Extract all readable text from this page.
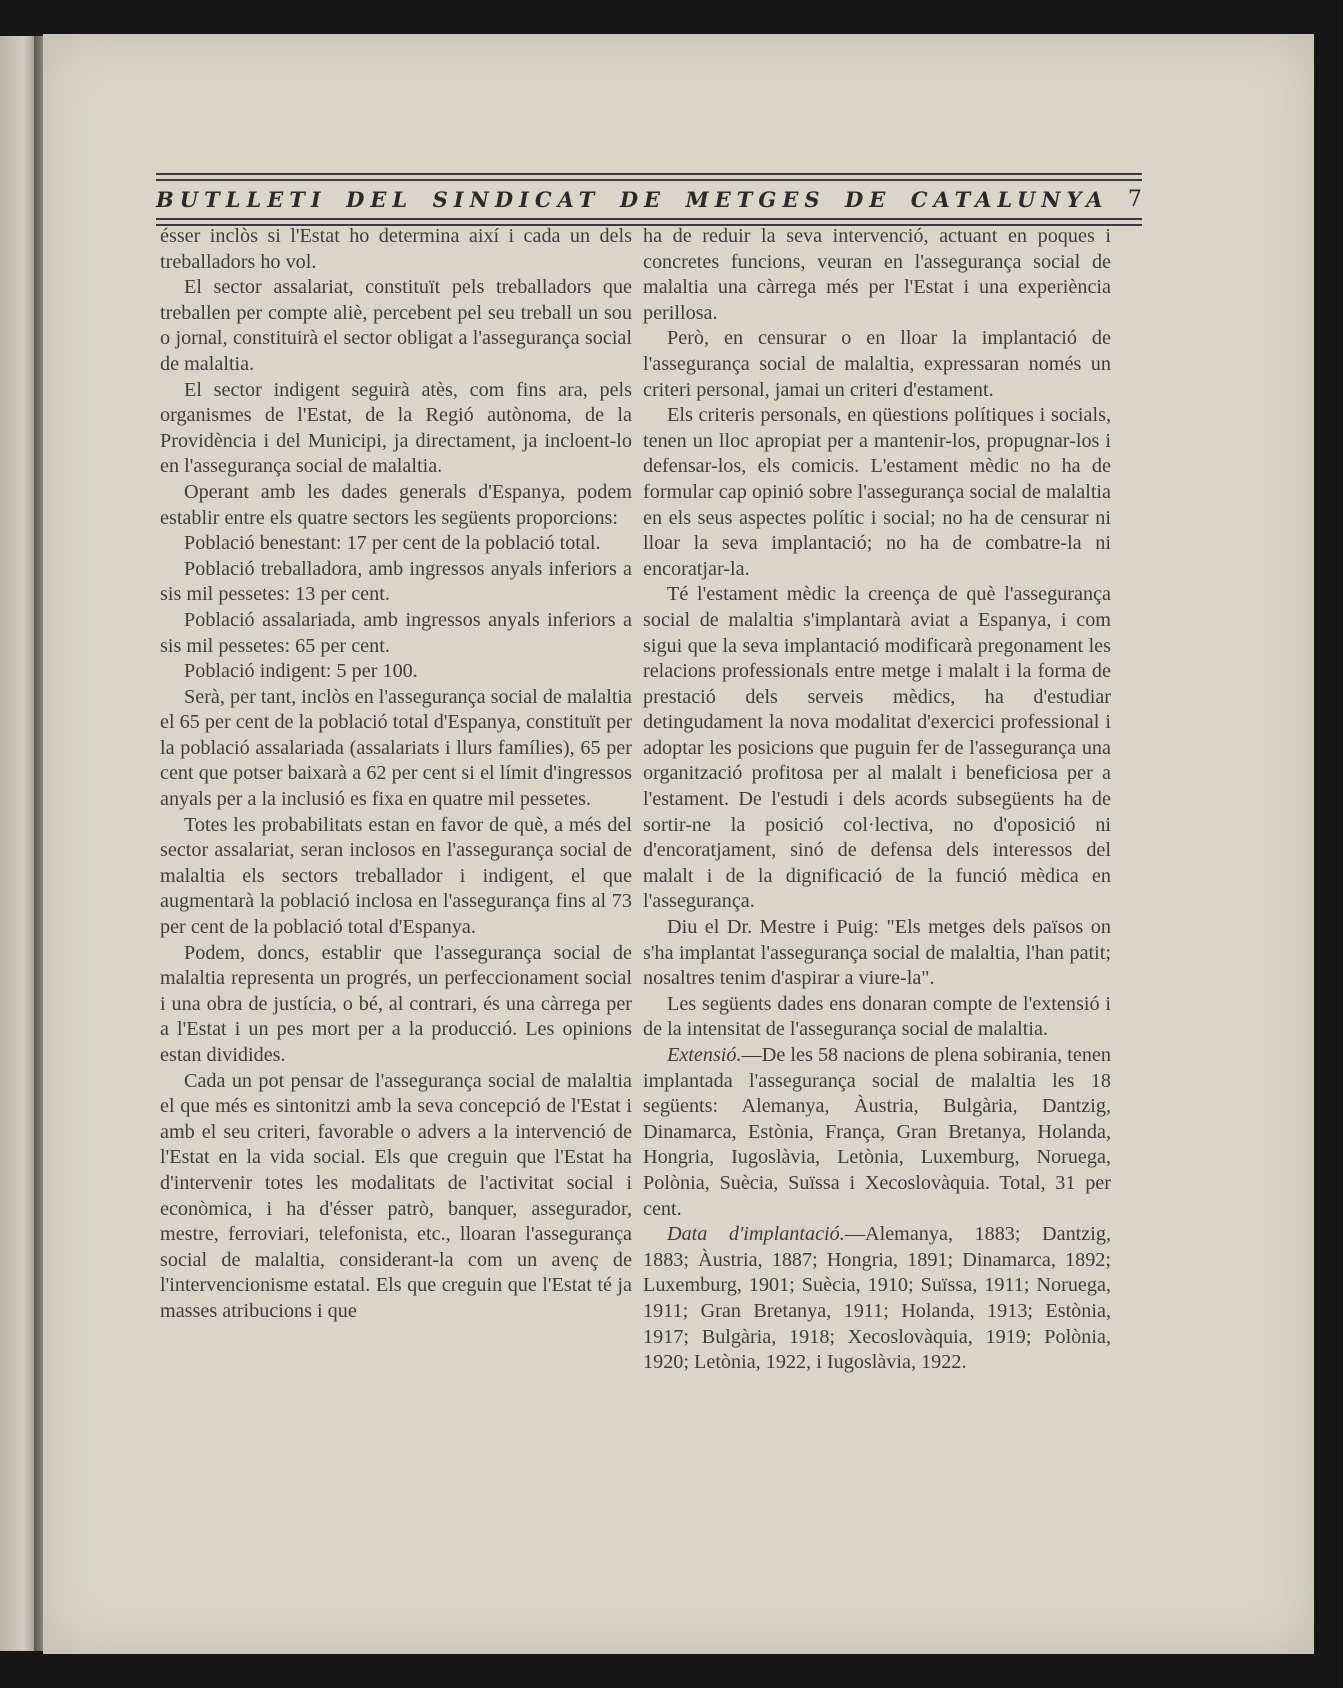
BUTLLETI DEL SINDICAT DE METGES DE CATALUNYA 7

ésser inclòs si l'Estat ho determina així i cada un dels treballadors ho vol.

El sector assalariat, constituït pels treballadors que treballen per compte aliè, percebent pel seu treball un sou o jornal, constituirà el sector obligat a l'assegurança social de malaltia.

El sector indigent seguirà atès, com fins ara, pels organismes de l'Estat, de la Regió autònoma, de la Providència i del Municipi, ja directament, ja incloent-lo en l'assegurança social de malaltia.

Operant amb les dades generals d'Espanya, podem establir entre els quatre sectors les següents proporcions:

Població benestant: 17 per cent de la població total.

Població treballadora, amb ingressos anyals inferiors a sis mil pessetes: 13 per cent.

Població assalariada, amb ingressos anyals inferiors a sis mil pessetes: 65 per cent.

Població indigent: 5 per 100.

Serà, per tant, inclòs en l'assegurança social de malaltia el 65 per cent de la població total d'Espanya, constituït per la població assalariada (assalariats i llurs famílies), 65 per cent que potser baixarà a 62 per cent si el límit d'ingressos anyals per a la inclusió es fixa en quatre mil pessetes.

Totes les probabilitats estan en favor de què, a més del sector assalariat, seran inclosos en l'assegurança social de malaltia els sectors treballador i indigent, el que augmentarà la població inclosa en l'assegurança fins al 73 per cent de la població total d'Espanya.

Podem, doncs, establir que l'assegurança social de malaltia representa un progrés, un perfeccionament social i una obra de justícia, o bé, al contrari, és una càrrega per a l'Estat i un pes mort per a la producció. Les opinions estan dividides.

Cada un pot pensar de l'assegurança social de malaltia el que més es sintonitzi amb la seva concepció de l'Estat i amb el seu criteri, favorable o advers a la intervenció de l'Estat en la vida social. Els que creguin que l'Estat ha d'intervenir totes les modalitats de l'activitat social i econòmica, i ha d'ésser patrò, banquer, assegurador, mestre, ferroviari, telefonista, etc., lloaran l'assegurança social de malaltia, considerant-la com un avenç de l'intervencionisme estatal. Els que creguin que l'Estat té ja masses atribucions i que

ha de reduir la seva intervenció, actuant en poques i concretes funcions, veuran en l'assegurança social de malaltia una càrrega més per l'Estat i una experiència perillosa.

Però, en censurar o en lloar la implantació de l'assegurança social de malaltia, expressaran només un criteri personal, jamai un criteri d'estament.

Els criteris personals, en qüestions polítiques i socials, tenen un lloc apropiat per a mantenir-los, propugnar-los i defensar-los, els comicis. L'estament mèdic no ha de formular cap opinió sobre l'assegurança social de malaltia en els seus aspectes polític i social; no ha de censurar ni lloar la seva implantació; no ha de combatre-la ni encoratjar-la.

Té l'estament mèdic la creença de què l'assegurança social de malaltia s'implantarà aviat a Espanya, i com sigui que la seva implantació modificarà pregonament les relacions professionals entre metge i malalt i la forma de prestació dels serveis mèdics, ha d'estudiar detingudament la nova modalitat d'exercici professional i adoptar les posicions que puguin fer de l'assegurança una organització profitosa per al malalt i beneficiosa per a l'estament. De l'estudi i dels acords subsegüents ha de sortir-ne la posició col·lectiva, no d'oposició ni d'encoratjament, sinó de defensa dels interessos del malalt i de la dignificació de la funció mèdica en l'assegurança.

Diu el Dr. Mestre i Puig: "Els metges dels països on s'ha implantat l'assegurança social de malaltia, l'han patit; nosaltres tenim d'aspirar a viure-la".

Les següents dades ens donaran compte de l'extensió i de la intensitat de l'assegurança social de malaltia.

Extensió.—De les 58 nacions de plena sobirania, tenen implantada l'assegurança social de malaltia les 18 següents: Alemanya, Àustria, Bulgària, Dantzig, Dinamarca, Estònia, França, Gran Bretanya, Holanda, Hongria, Iugoslàvia, Letònia, Luxemburg, Noruega, Polònia, Suècia, Suïssa i Xecoslovàquia. Total, 31 per cent.

Data d'implantació.—Alemanya, 1883; Dantzig, 1883; Àustria, 1887; Hongria, 1891; Dinamarca, 1892; Luxemburg, 1901; Suècia, 1910; Suïssa, 1911; Noruega, 1911; Gran Bretanya, 1911; Holanda, 1913; Estònia, 1917; Bulgària, 1918; Xecoslovàquia, 1919; Polònia, 1920; Letònia, 1922, i Iugoslàvia, 1922.
